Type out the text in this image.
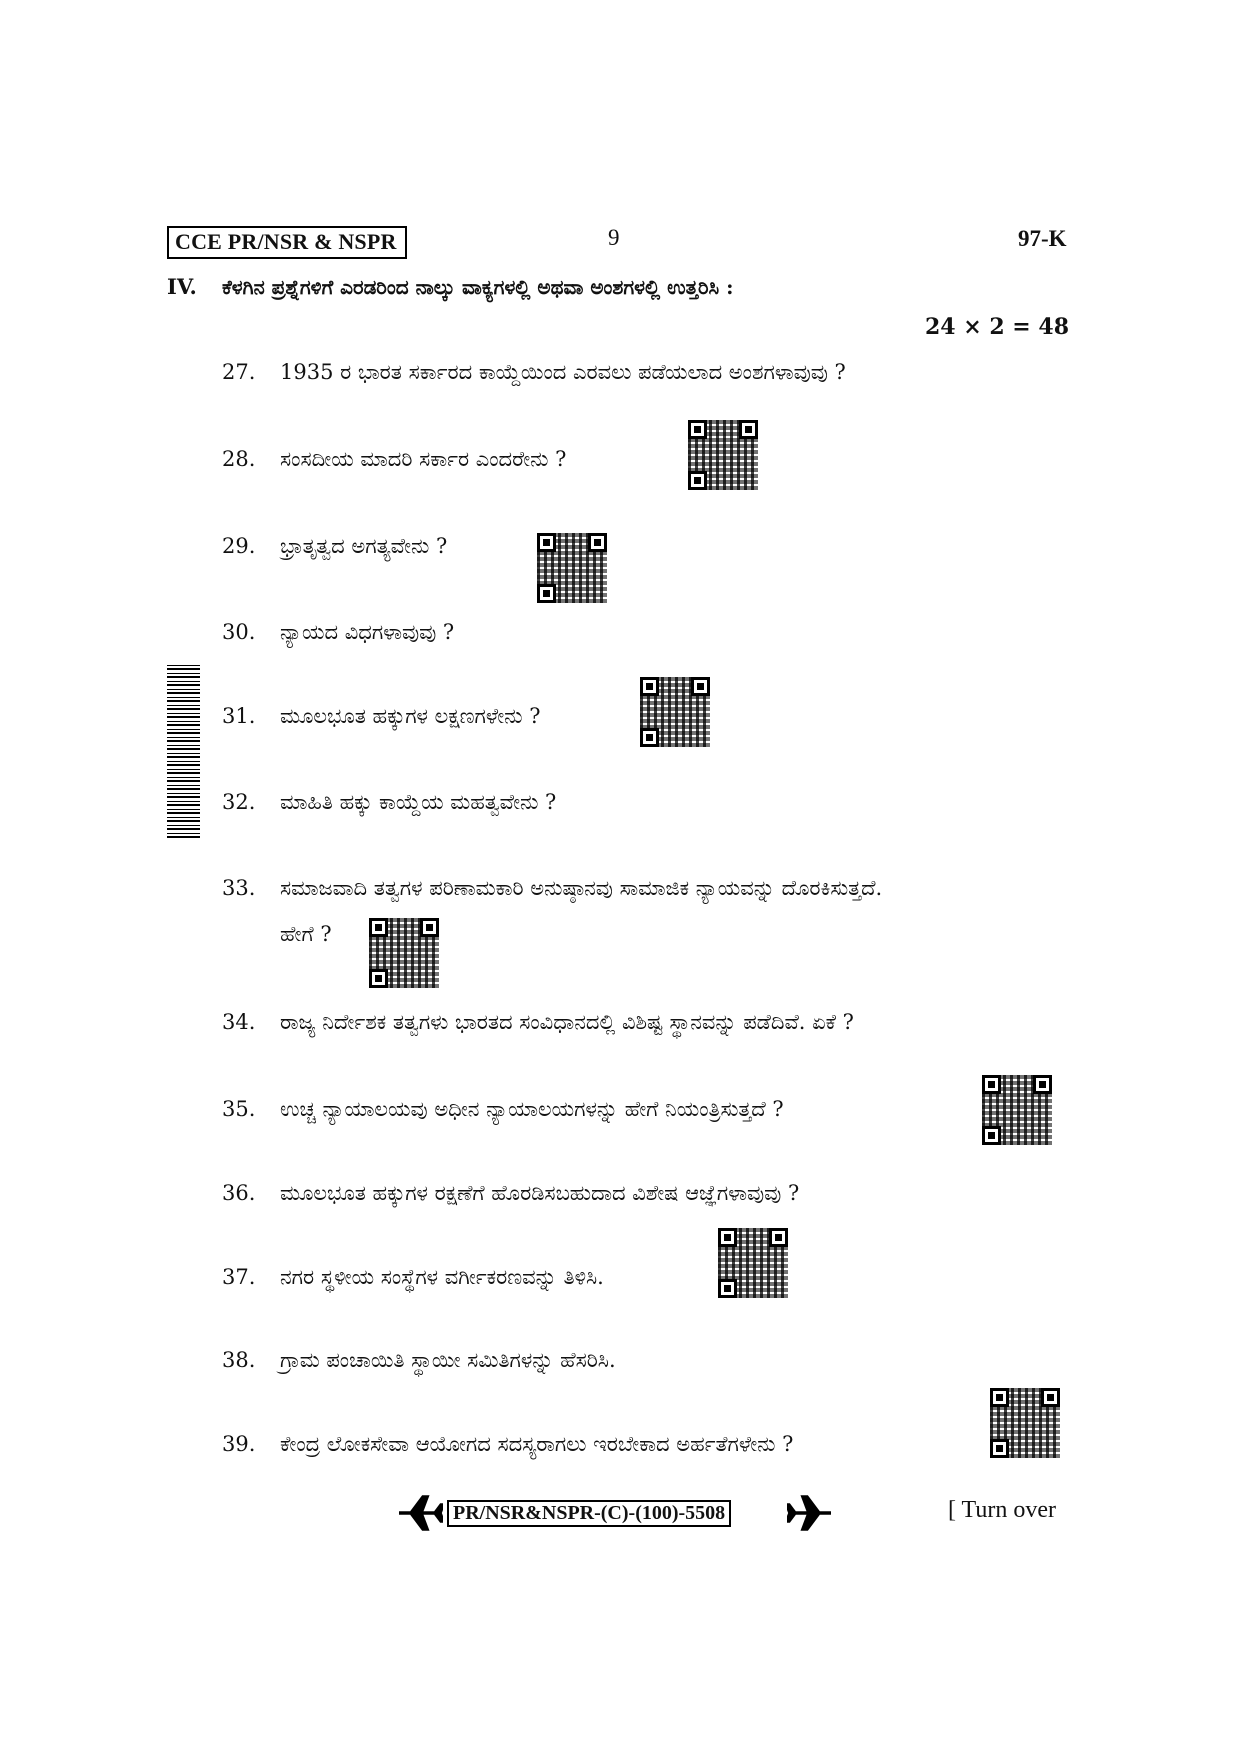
CCE PR/NSR & NSPR	9	97-K
IV. ಕೆಳಗಿನ ಪ್ರಶ್ನೆಗಳಿಗೆ ಎರಡರಿಂದ ನಾಲ್ಕು ವಾಕ್ಯಗಳಲ್ಲಿ ಅಥವಾ ಅಂಶಗಳಲ್ಲಿ ಉತ್ತರಿಸಿ :
24 × 2 = 48
27. 1935 ರ ಭಾರತ ಸರ್ಕಾರದ ಕಾಯ್ದೆಯಿಂದ ಎರವಲು ಪಡೆಯಲಾದ ಅಂಶಗಳಾವುವು ?
28. ಸಂಸದೀಯ ಮಾದರಿ ಸರ್ಕಾರ ಎಂದರೇನು ?
29. ಭ್ರಾತೃತ್ವದ ಅಗತ್ಯವೇನು ?
30. ನ್ಯಾಯದ ವಿಧಗಳಾವುವು ?
31. ಮೂಲಭೂತ ಹಕ್ಕುಗಳ ಲಕ್ಷಣಗಳೇನು ?
32. ಮಾಹಿತಿ ಹಕ್ಕು ಕಾಯ್ದೆಯ ಮಹತ್ವವೇನು ?
33. ಸಮಾಜವಾದಿ ತತ್ವಗಳ ಪರಿಣಾಮಕಾರಿ ಅನುಷ್ಠಾನವು ಸಾಮಾಜಿಕ ನ್ಯಾಯವನ್ನು ದೊರಕಿಸುತ್ತದೆ.
ಹೇಗೆ ?
34. ರಾಜ್ಯ ನಿರ್ದೇಶಕ ತತ್ವಗಳು ಭಾರತದ ಸಂವಿಧಾನದಲ್ಲಿ ವಿಶಿಷ್ಟ ಸ್ಥಾನವನ್ನು ಪಡೆದಿವೆ. ಏಕೆ ?
35. ಉಚ್ಚ ನ್ಯಾಯಾಲಯವು ಅಧೀನ ನ್ಯಾಯಾಲಯಗಳನ್ನು ಹೇಗೆ ನಿಯಂತ್ರಿಸುತ್ತದೆ ?
36. ಮೂಲಭೂತ ಹಕ್ಕುಗಳ ರಕ್ಷಣೆಗೆ ಹೊರಡಿಸಬಹುದಾದ ವಿಶೇಷ ಆಜ್ಞೆಗಳಾವುವು ?
37. ನಗರ ಸ್ಥಳೀಯ ಸಂಸ್ಥೆಗಳ ವರ್ಗೀಕರಣವನ್ನು ತಿಳಿಸಿ.
38. ಗ್ರಾಮ ಪಂಚಾಯಿತಿ ಸ್ಥಾಯೀ ಸಮಿತಿಗಳನ್ನು ಹೆಸರಿಸಿ.
39. ಕೇಂದ್ರ ಲೋಕಸೇವಾ ಆಯೋಗದ ಸದಸ್ಯರಾಗಲು ಇರಬೇಕಾದ ಅರ್ಹತೆಗಳೇನು ?
PR/NSR&NSPR-(C)-(100)-5508	[ Turn over
